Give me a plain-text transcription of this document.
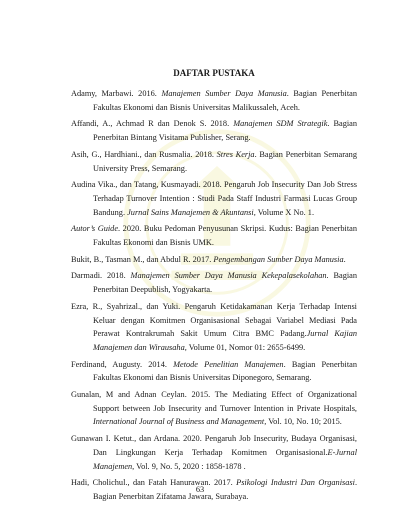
DAFTAR PUSTAKA

Adamy, Marbawi. 2016. Manajemen Sumber Daya Manusia. Bagian Penerbitan Fakultas Ekonomi dan Bisnis Universitas Malikussaleh, Aceh.

Affandi, A., Achmad R dan Denok S. 2018. Manajemen SDM Strategik. Bagian Penerbitan Bintang Visitama Publisher, Serang.

Asih, G., Hardhiani., dan Rusmalia. 2018. Stres Kerja. Bagian Penerbitan Semarang University Press, Semarang.

Audina Vika., dan Tatang, Kusmayadi. 2018. Pengaruh Job Insecurity Dan Job Stress Terhadap Turnover Intention : Studi Pada Staff Industri Farmasi Lucas Group Bandung. Jurnal Sains Manajemen & Akuntansi, Volume X No. 1.

Autor’s Guide. 2020. Buku Pedoman Penyusunan Skripsi. Kudus: Bagian Penerbitan Fakultas Ekonomi dan Bisnis UMK.

Bukit, B., Tasman M., dan Abdul R. 2017. Pengembangan Sumber Daya Manusia.

Darmadi. 2018. Manajemen Sumber Daya Manusia Kekepalasekolahan. Bagian Penerbitan Deepublish, Yogyakarta.

Ezra, R., Syahrizal., dan Yuki. Pengaruh Ketidakamanan Kerja Terhadap Intensi Keluar dengan Komitmen Organisasional Sebagai Variabel Mediasi Pada Perawat Kontrakrumah Sakit Umum Citra BMC Padang.Jurnal Kajian Manajemen dan Wirausaha, Volume 01, Nomor 01: 2655-6499.

Ferdinand, Augusty. 2014. Metode Penelitian Manajemen. Bagian Penerbitan Fakultas Ekonomi dan Bisnis Universitas Diponegoro, Semarang.

Gunalan, M and Adnan Ceylan. 2015. The Mediating Effect of Organizational Support between Job Insecurity and Turnover Intention in Private Hospitals, International Journal of Business and Management, Vol. 10, No. 10; 2015.

Gunawan I. Ketut., dan Ardana. 2020. Pengaruh Job Insecurity, Budaya Organisasi, Dan Lingkungan Kerja Terhadap Komitmen Organisasional.E-Jurnal Manajemen, Vol. 9, No. 5, 2020 : 1858-1878 .

Hadi, Cholichul., dan Fatah Hanurawan. 2017. Psikologi Industri Dan Organisasi. Bagian Penerbitan Zifatama Jawara, Surabaya.

63
